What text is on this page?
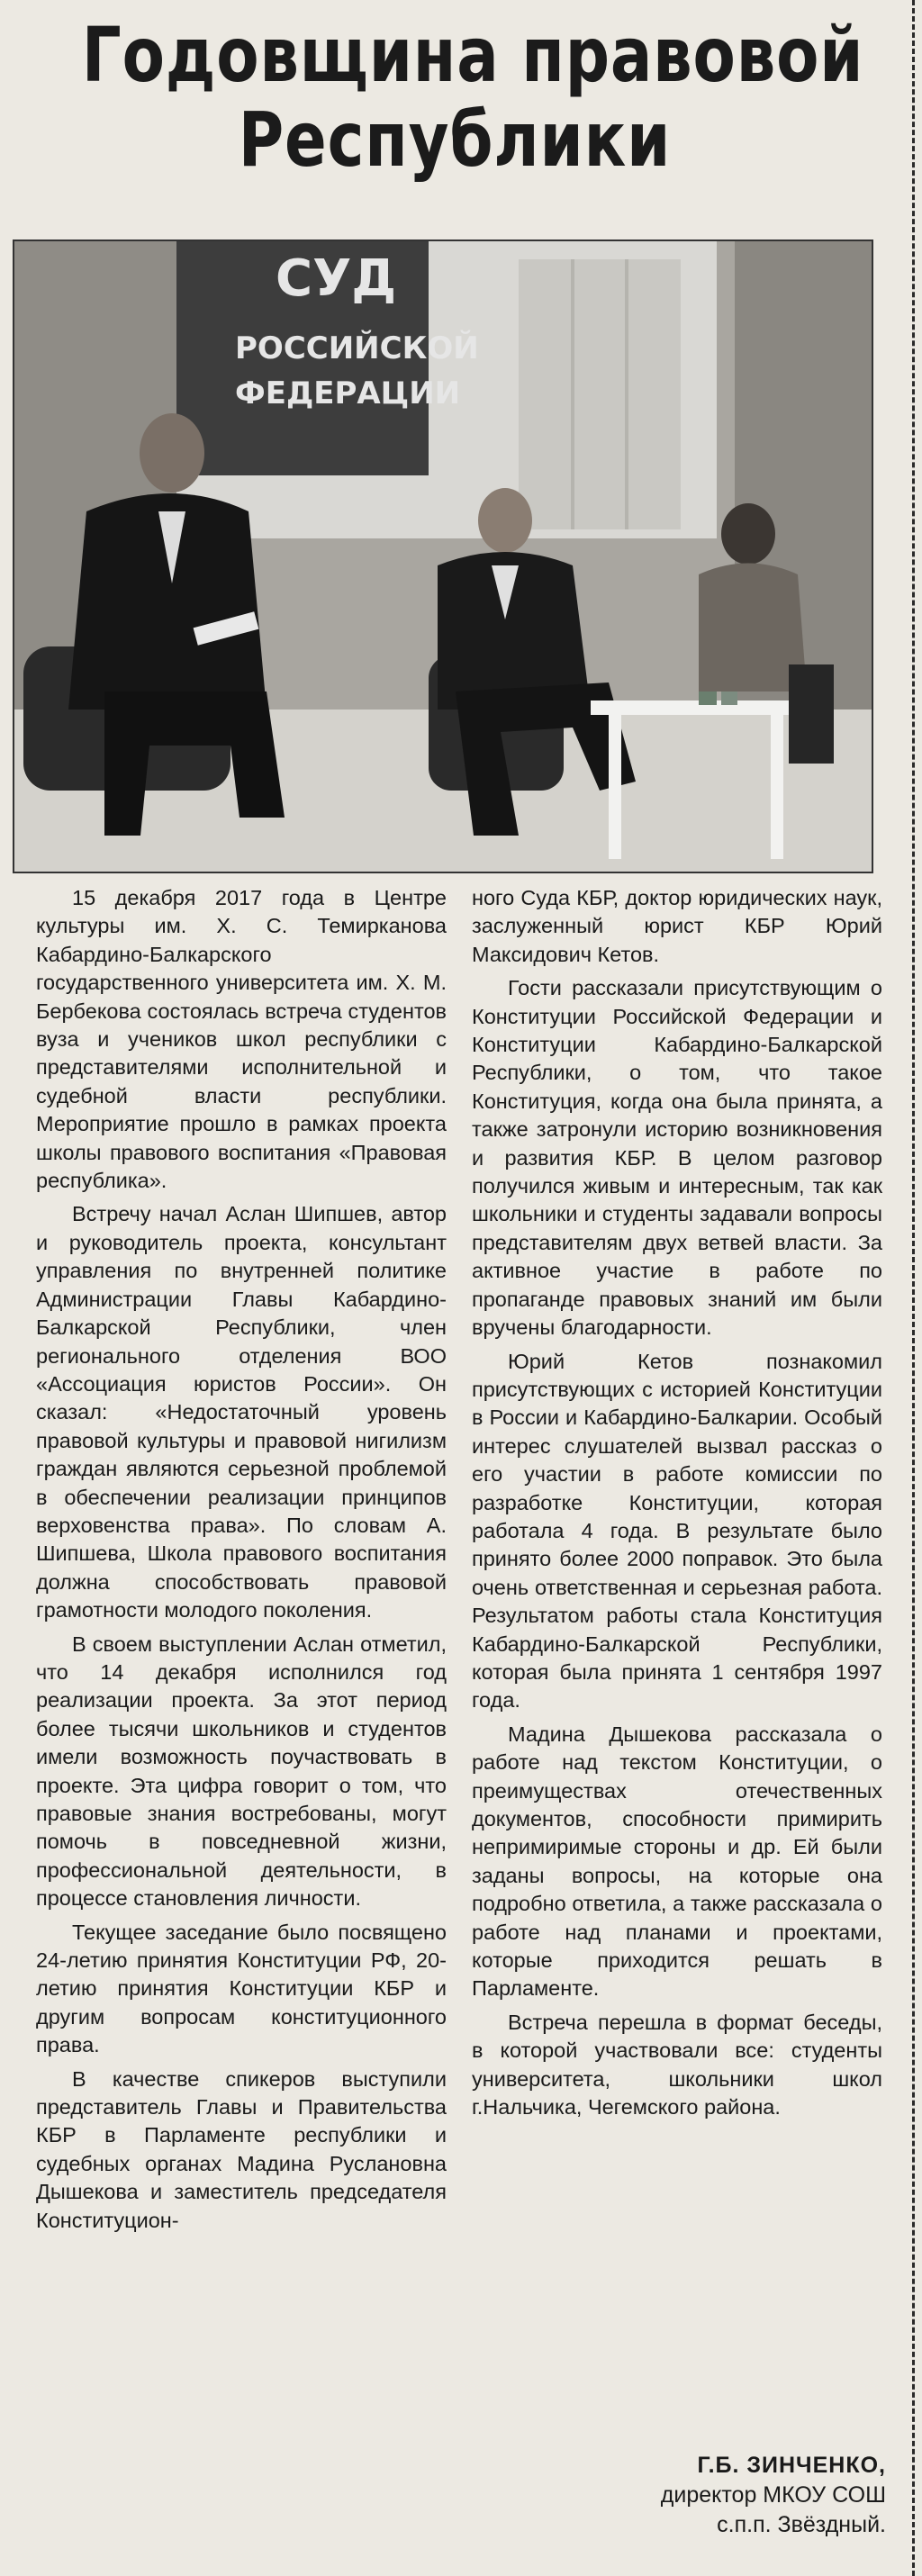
Годовщина правовой
Республики
СУД
РОССИЙСКОЙ
ФЕДЕРАЦИИ

15 декабря 2017 года в Центре культуры им. Х. С. Темирканова Кабардино-Балкарского государственного университета им. Х. М. Бербекова состоялась встреча студентов вуза и учеников школ республики с представителями исполнительной и судебной власти республики. Мероприятие прошло в рамках проекта школы правового воспитания «Правовая республика».

Встречу начал Аслан Шипшев, автор и руководитель проекта, консультант управления по внутренней политике Администрации Главы Кабардино-Балкарской Республики, член регионального отделения ВОО «Ассоциация юристов России». Он сказал: «Недостаточный уровень правовой культуры и правовой нигилизм граждан являются серьезной проблемой в обеспечении реализации принципов верховенства права». По словам А. Шипшева, Школа правового воспитания должна способствовать правовой грамотности молодого поколения.

В своем выступлении Аслан отметил, что 14 декабря исполнился год реализации проекта. За этот период более тысячи школьников и студентов имели возможность поучаствовать в проекте. Эта цифра говорит о том, что правовые знания востребованы, могут помочь в повседневной жизни, профессиональной деятельности, в процессе становления личности.

Текущее заседание было посвящено 24-летию принятия Конституции РФ, 20-летию принятия Конституции КБР и другим вопросам конституционного права.

В качестве спикеров выступили представитель Главы и Правительства КБР в Парламенте республики и судебных органах Мадина Руслановна Дышекова и заместитель председателя Конституцион-

ного Суда КБР, доктор юридических наук, заслуженный юрист КБР Юрий Максидович Кетов.

Гости рассказали присутствующим о Конституции Российской Федерации и Конституции Кабардино-Балкарской Республики, о том, что такое Конституция, когда она была принята, а также затронули историю возникновения и развития КБР. В целом разговор получился живым и интересным, так как школьники и студенты задавали вопросы представителям двух ветвей власти. За активное участие в работе по пропаганде правовых знаний им были вручены благодарности.

Юрий Кетов познакомил присутствующих с историей Конституции в России и Кабардино-Балкарии. Особый интерес слушателей вызвал рассказ о его участии в работе комиссии по разработке Конституции, которая работала 4 года. В результате было принято более 2000 поправок. Это была очень ответственная и серьезная работа. Результатом работы стала Конституция Кабардино-Балкарской Республики, которая была принята 1 сентября 1997 года.

Мадина Дышекова рассказала о работе над текстом Конституции, о преимуществах отечественных документов, способности примирить непримиримые стороны и др. Ей были заданы вопросы, на которые она подробно ответила, а также рассказала о работе над планами и проектами, которые приходится решать в Парламенте.

Встреча перешла в формат беседы, в которой участвовали все: студенты университета, школьники школ г.Нальчика, Чегемского района.

Г.Б. ЗИНЧЕНКО,
директор МКОУ СОШ
с.п.п. Звёздный.
